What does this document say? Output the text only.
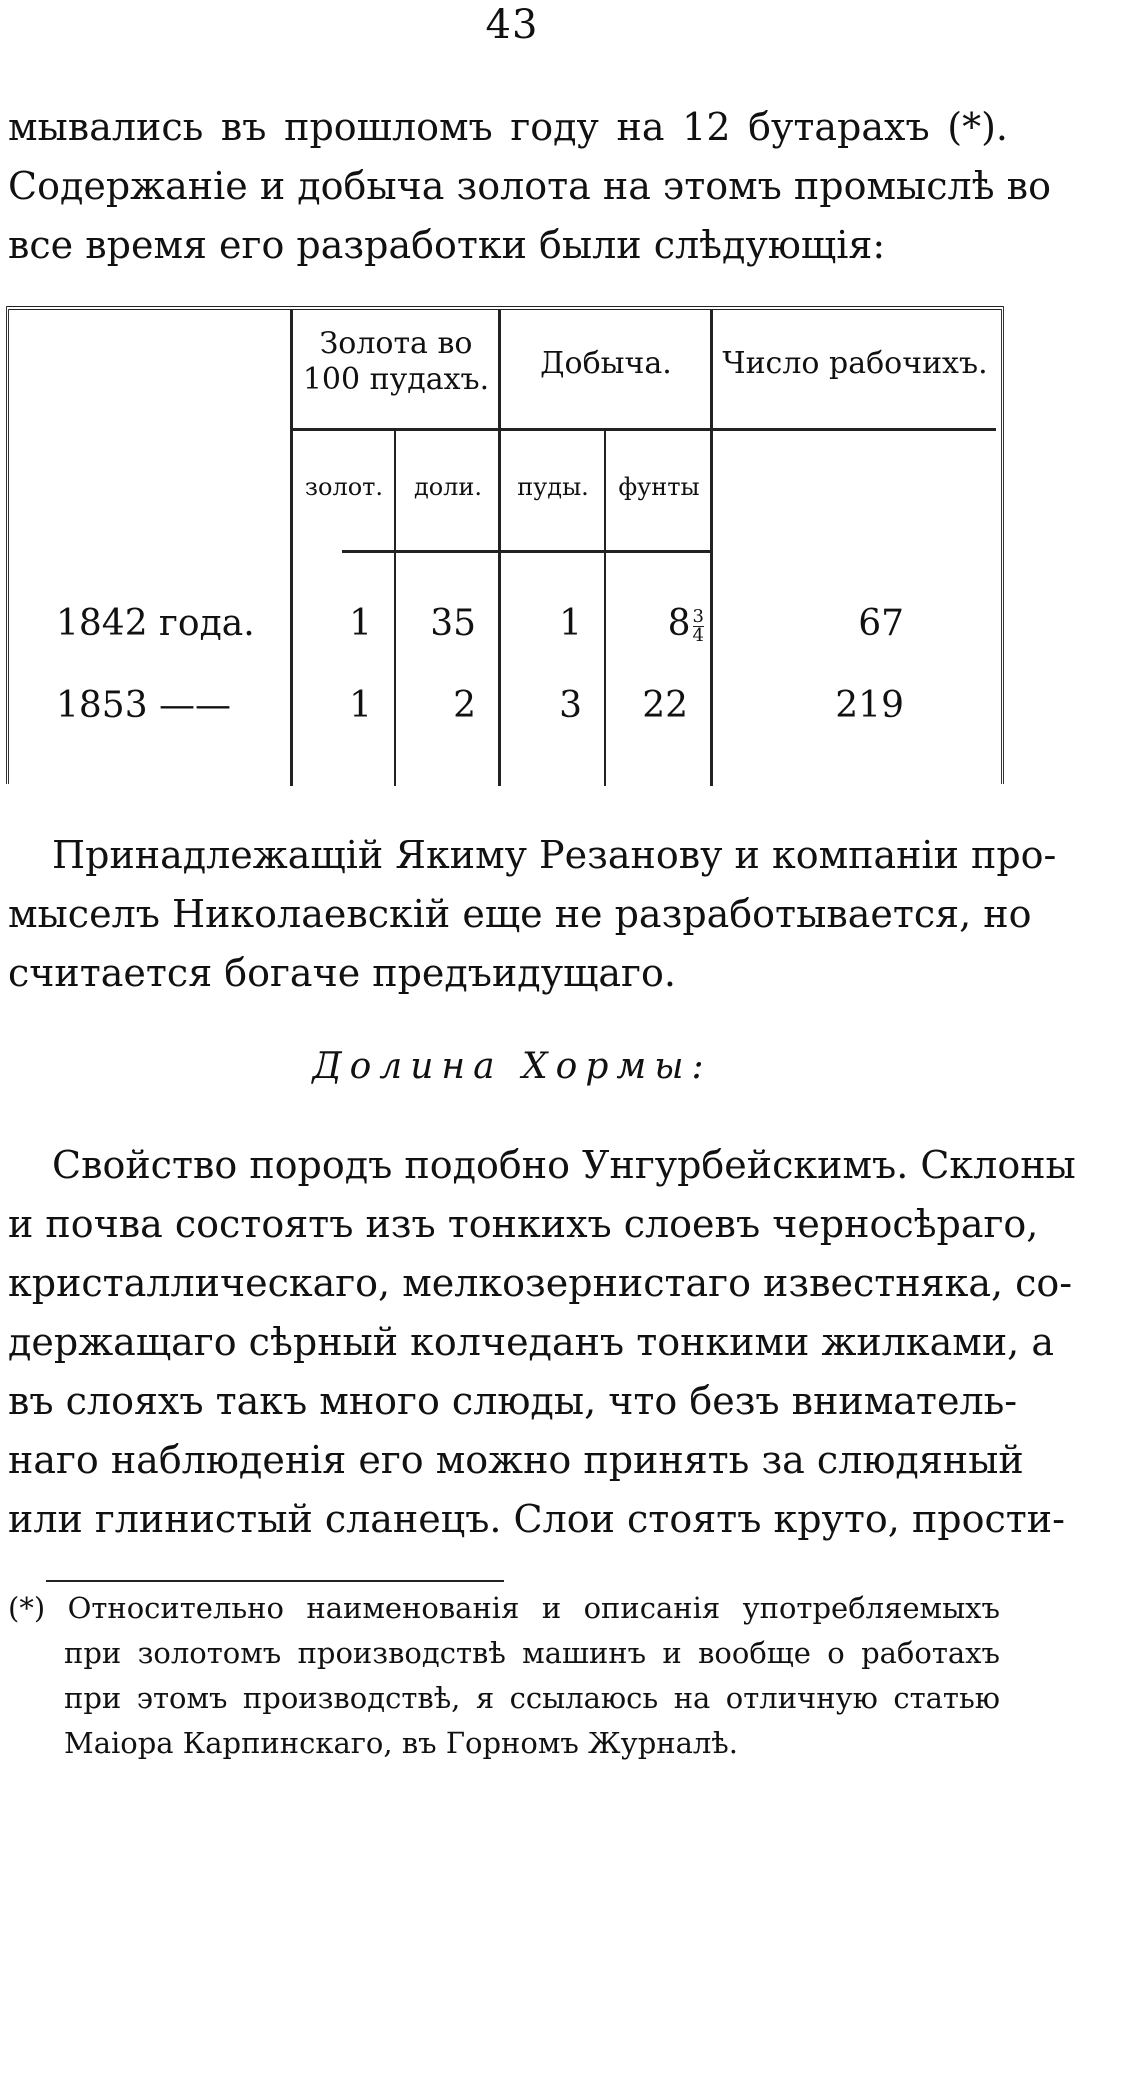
43
мывались въ прошломъ году на 12 бутарахъ (*).
Содержаніе и добыча золота на этомъ промыслѣ во
все время его разработки были слѣдующія:
Золота во 100 пудахъ.	Добыча.	Число рабочихъ.
золот.	доли.	пуды.	фунты
1842 года.	1	35	1	$8 \frac{3}{4}$	67
1853 ——	1	2	3	22	219
Принадлежащій Якиму Резанову и компаніи про-
мыселъ Николаевскій еще не разработывается, но
считается богаче предъидущаго.
Долина Хормы:
Свойство породъ подобно Унгурбейскимъ. Склоны
и почва состоятъ изъ тонкихъ слоевъ черносѣраго,
кристаллическаго, мелкозернистаго известняка, со-
держащаго сѣрный колчеданъ тонкими жилками, а
въ слояхъ такъ много слюды, что безъ вниматель-
наго наблюденія его можно принять за слюдяный
или глинистый сланецъ. Слои стоятъ круто, прости-
(*) Относительно наименованія и описанія употребляемыхъ
при золотомъ производствѣ машинъ и вообще о работахъ
при этомъ производствѣ, я ссылаюсь на отличную статью
Маіора Карпинскаго, въ Горномъ Журналѣ.
